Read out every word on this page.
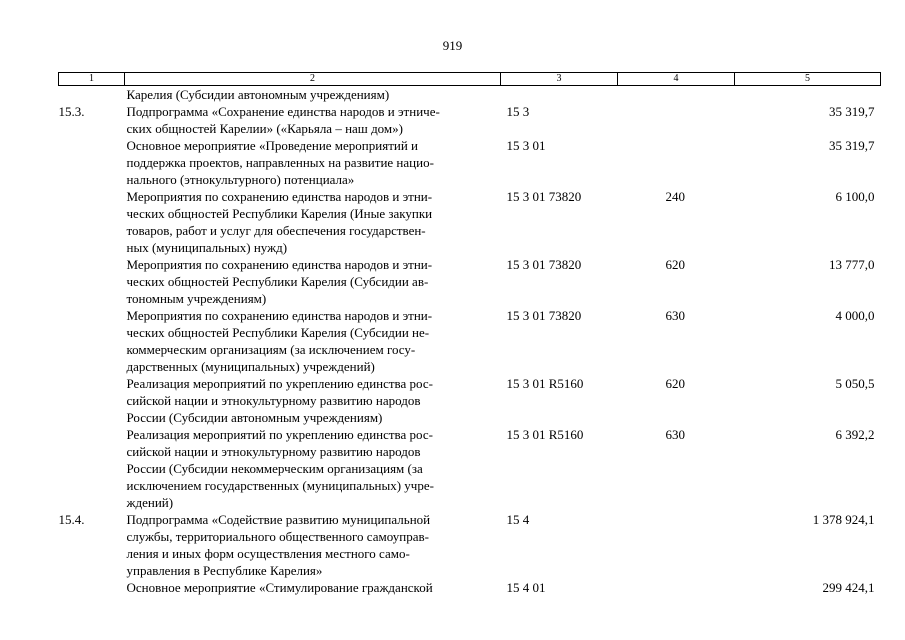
919
1	2	3	4	5

	Карелия (Субсидии автономным учреждениям)			

15.3.	Подпрограмма «Сохранение единства народов и этниче-
ских общностей Карелии» («Карьяла – наш дом»)	15 3		35 319,7

	Основное мероприятие «Проведение мероприятий и
поддержка проектов, направленных на развитие нацио-
нального (этнокультурного) потенциала»	15 3 01		35 319,7

	Мероприятия по сохранению единства народов и этни-
ческих общностей Республики Карелия (Иные закупки
товаров, работ и услуг для обеспечения государствен-
ных (муниципальных) нужд)	15 3 01 73820	240	6 100,0

	Мероприятия по сохранению единства народов и этни-
ческих общностей Республики Карелия (Субсидии ав-
тономным учреждениям)	15 3 01 73820	620	13 777,0

	Мероприятия по сохранению единства народов и этни-
ческих общностей Республики Карелия (Субсидии не-
коммерческим организациям (за исключением госу-
дарственных (муниципальных) учреждений)	15 3 01 73820	630	4 000,0

	Реализация мероприятий по укреплению единства рос-
сийской нации и этнокультурному развитию народов
России (Субсидии автономным учреждениям)	15 3 01 R5160	620	5 050,5

	Реализация мероприятий по укреплению единства рос-
сийской нации и этнокультурному развитию народов
России (Субсидии некоммерческим организациям (за
исключением государственных (муниципальных) учре-
ждений)	15 3 01 R5160	630	6 392,2
15.4.	Подпрограмма «Содействие развитию муниципальной
службы, территориального общественного самоуправ-
ления и иных форм осуществления местного само-
управления в Республике Карелия»	15 4		1 378 924,1

	Основное мероприятие «Стимулирование гражданской	15 4 01		299 424,1
